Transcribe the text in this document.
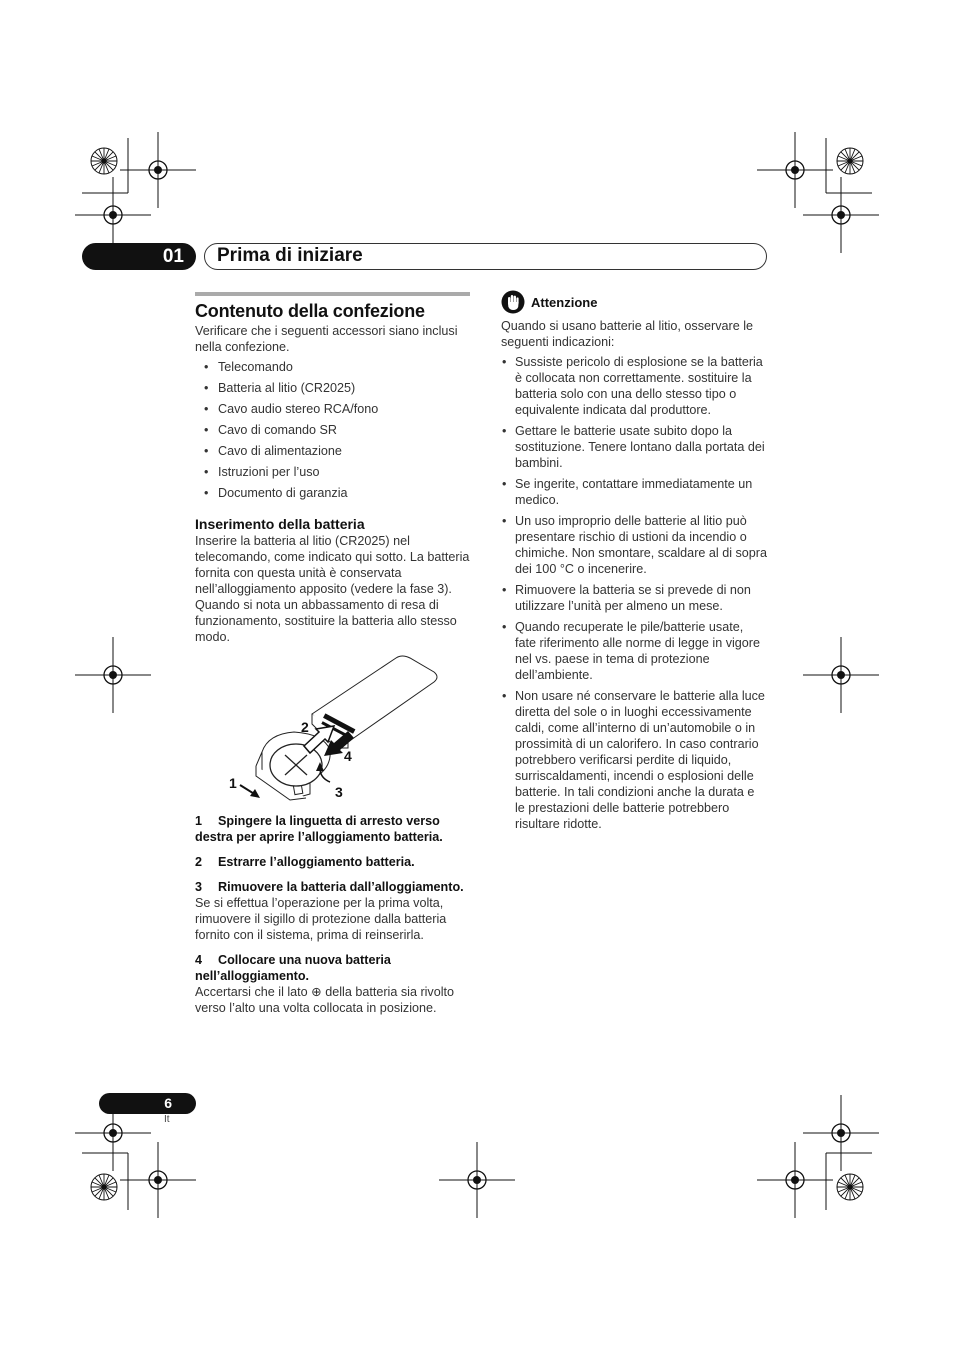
01	Prima di iniziare
Contenuto della confezione

Verificare che i seguenti accessori siano inclusi nella confezione.

• Telecomando
• Batteria al litio (CR2025)
• Cavo audio stereo RCA/fono
• Cavo di comando SR
• Cavo di alimentazione
• Istruzioni per l’uso
• Documento di garanzia
Inserimento della batteria

Inserire la batteria al litio (CR2025) nel telecomando, come indicato qui sotto. La batteria fornita con questa unità è conservata nell’alloggiamento apposito (vedere la fase 3). Quando si nota un abbassamento di resa di funzionamento, sostituire la batteria allo stesso modo.

1
2
3
4

1 Spingere la linguetta di arresto verso destra per aprire l’alloggiamento batteria.

2 Estrarre l’alloggiamento batteria.

3 Rimuovere la batteria dall’alloggiamento.

Se si effettua l’operazione per la prima volta, rimuovere il sigillo di protezione dalla batteria fornito con il sistema, prima di reinserirla.

4 Collocare una nuova batteria nell’alloggiamento.

Accertarsi che il lato ⊕ della batteria sia rivolto verso l’alto una volta collocata in posizione.

Attenzione

Quando si usano batterie al litio, osservare le seguenti indicazioni:

• Sussiste pericolo di esplosione se la batteria è collocata non correttamente. sostituire la batteria solo con una dello stesso tipo o equivalente indicata dal produttore.
• Gettare le batterie usate subito dopo la sostituzione. Tenere lontano dalla portata dei bambini.
• Se ingerite, contattare immediatamente un medico.
• Un uso improprio delle batterie al litio può presentare rischio di ustioni da incendio o chimiche. Non smontare, scaldare al di sopra dei 100 °C o incenerire.
• Rimuovere la batteria se si prevede di non utilizzare l’unità per almeno un mese.
• Quando recuperate le pile/batterie usate, fate riferimento alle norme di legge in vigore nel vs. paese in tema di protezione dell’ambiente.
• Non usare né conservare le batterie alla luce diretta del sole o in luoghi eccessivamente caldi, come all’interno di un’automobile o in prossimità di un calorifero. In caso contrario potrebbero verificarsi perdite di liquido, surriscaldamenti, incendi o esplosioni delle batterie. In tali condizioni anche la durata e le prestazioni delle batterie potrebbero risultare ridotte.
6
It
